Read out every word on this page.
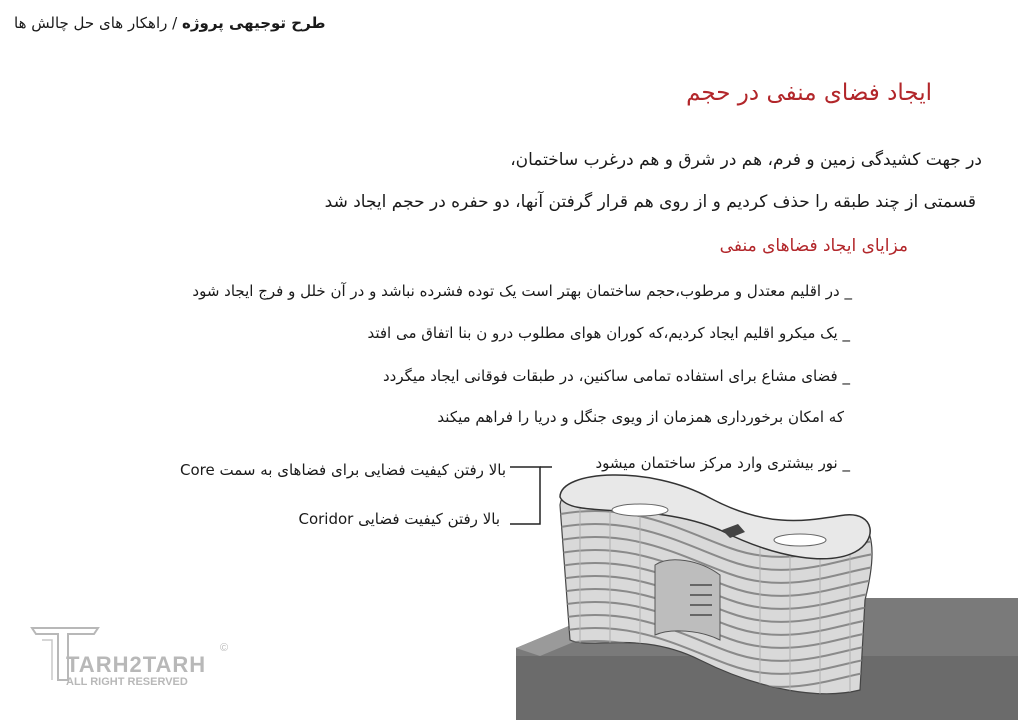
طرح توجیهی پروژه / راهکار های حل چالش ها
ایجاد فضای منفی در حجم
در جهت کشیدگی زمین و فرم، هم در شرق و هم درغرب ساختمان،
قسمتی از چند طبقه را حذف کردیم و از روی هم قرار گرفتن آنها، دو حفره در حجم ایجاد شد
مزایای ایجاد فضاهای منفی
_ در اقلیم معتدل و مرطوب،حجم ساختمان بهتر است یک توده فشرده نباشد و در آن خلل و فرج ایجاد شود
_ یک میکرو اقلیم ایجاد کردیم،که کوران هوای مطلوب درو ن بنا اتفاق می افتد
_ فضای مشاع برای استفاده تمامی ساکنین، در طبقات فوقانی ایجاد میگردد
که امکان برخورداری همزمان از ویوی جنگل و دریا را فراهم میکند
_ نور بیشتری وارد مرکز ساختمان میشود
بالا رفتن کیفیت فضایی برای فضاهای به سمت Core
بالا رفتن کیفیت فضایی Coridor
TARH2TARH
ALL RIGHT RESERVED
©
